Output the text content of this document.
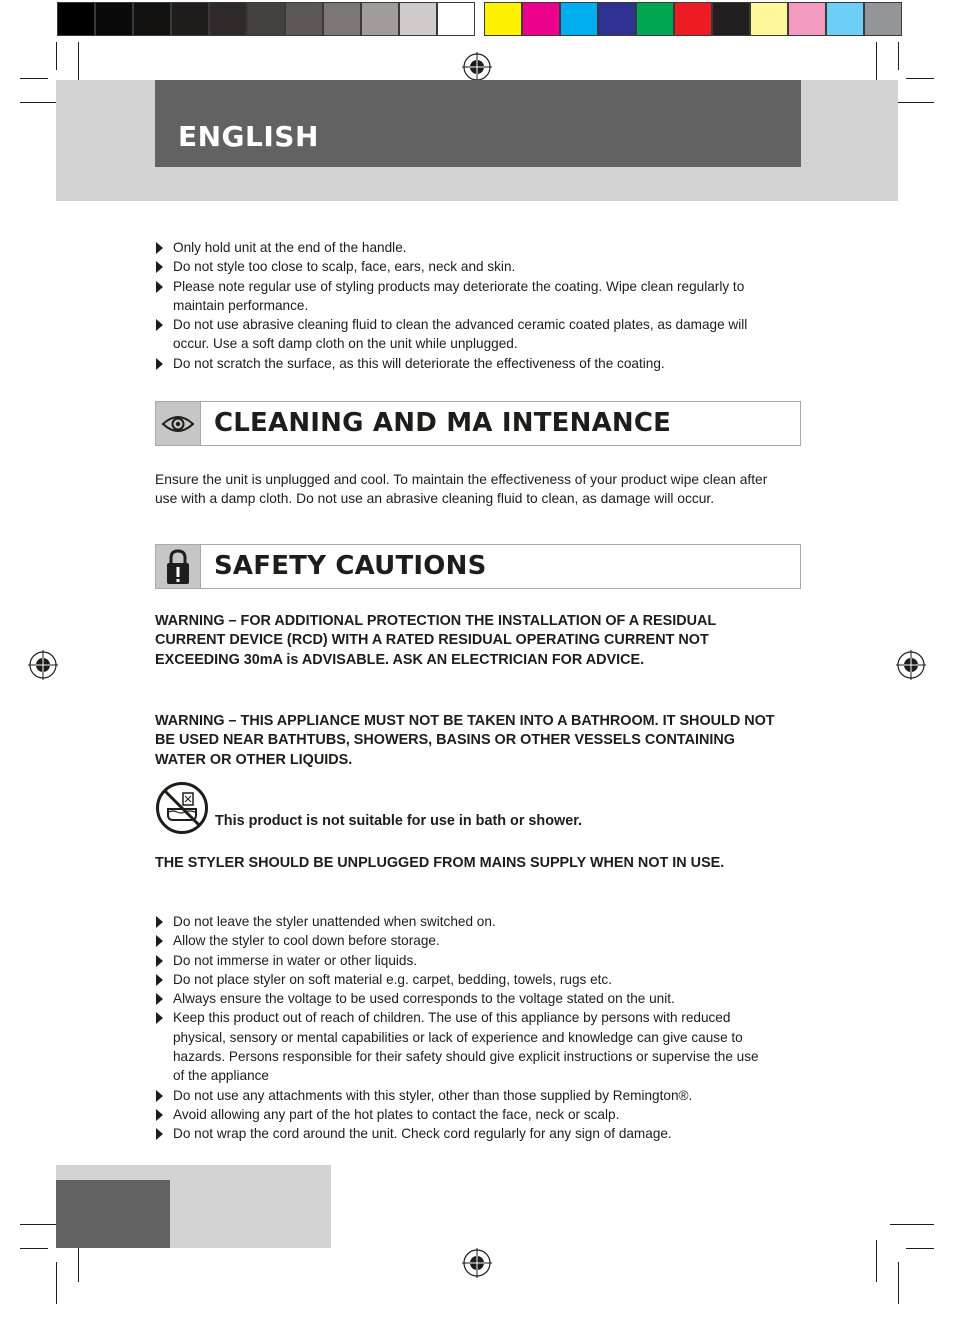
ENGLISH
Only hold unit at the end of the handle.
Do not style too close to scalp, face, ears, neck and skin.
Please note regular use of styling products may deteriorate the coating. Wipe clean regularly to maintain performance.
Do not use abrasive cleaning fluid to clean the advanced ceramic coated plates, as damage will occur. Use a soft damp cloth on the unit while unplugged.
Do not scratch the surface, as this will deteriorate the effectiveness of the coating.
CLEANING AND MA INTENANCE

Ensure the unit is unplugged and cool. To maintain the effectiveness of your product wipe clean after use with a damp cloth. Do not use an abrasive cleaning fluid to clean, as damage will occur.

SAFETY CAUTIONS

WARNING – FOR ADDITIONAL PROTECTION THE INSTALLATION OF A RESIDUAL CURRENT DEVICE (RCD) WITH A RATED RESIDUAL OPERATING CURRENT NOT EXCEEDING 30mA is ADVISABLE. ASK AN ELECTRICIAN FOR ADVICE.

WARNING – THIS APPLIANCE MUST NOT BE TAKEN INTO A BATHROOM. IT SHOULD NOT BE USED NEAR BATHTUBS, SHOWERS, BASINS OR OTHER VESSELS CONTAINING WATER OR OTHER LIQUIDS.

This product is not suitable for use in bath or shower.

THE STYLER SHOULD BE UNPLUGGED FROM MAINS SUPPLY WHEN NOT IN USE.

Do not leave the styler unattended when switched on.
Allow the styler to cool down before storage.
Do not immerse in water or other liquids.
Do not place styler on soft material e.g. carpet, bedding, towels, rugs etc.
Always ensure the voltage to be used corresponds to the voltage stated on the unit.
Keep this product out of reach of children. The use of this appliance by persons with reduced physical, sensory or mental capabilities or lack of experience and knowledge can give cause to hazards. Persons responsible for their safety should give explicit instructions or supervise the use of the appliance
Do not use any attachments with this styler, other than those supplied by Remington®.
Avoid allowing any part of the hot plates to contact the face, neck or scalp.
Do not wrap the cord around the unit. Check cord regularly for any sign of damage.
